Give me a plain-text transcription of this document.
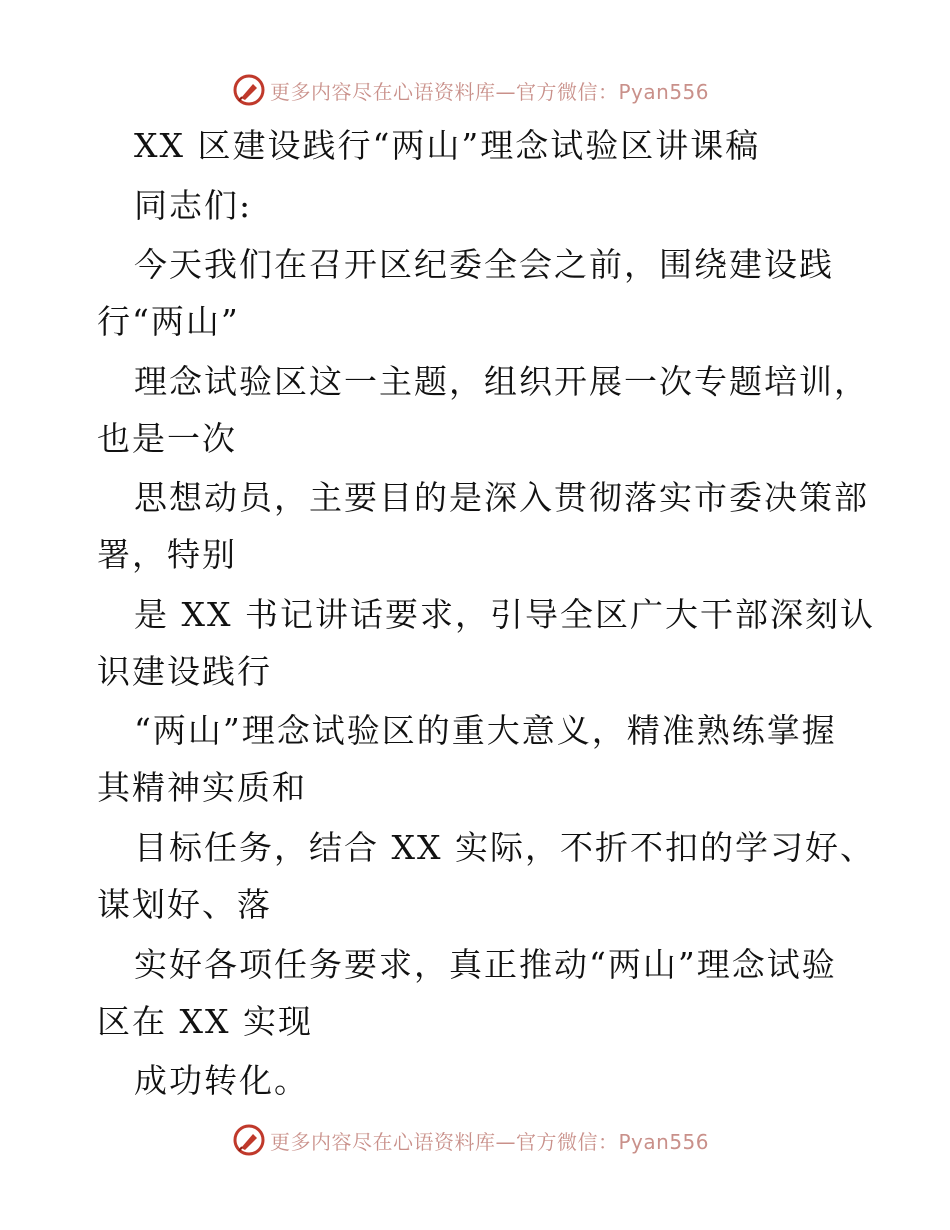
更多内容尽在心语资料库—官方微信：Pyan556
XX 区建设践行“两山”理念试验区讲课稿
同志们:
今天我们在召开区纪委全会之前，围绕建设践
行“两山”
理念试验区这一主题，组织开展一次专题培训，
也是一次
思想动员，主要目的是深入贯彻落实市委决策部
署，特别
是 XX 书记讲话要求，引导全区广大干部深刻认
识建设践行
“两山”理念试验区的重大意义，精准熟练掌握
其精神实质和
目标任务，结合 XX 实际，不折不扣的学习好、
谋划好、落
实好各项任务要求，真正推动“两山”理念试验
区在 XX 实现
成功转化。
更多内容尽在心语资料库—官方微信：Pyan556
